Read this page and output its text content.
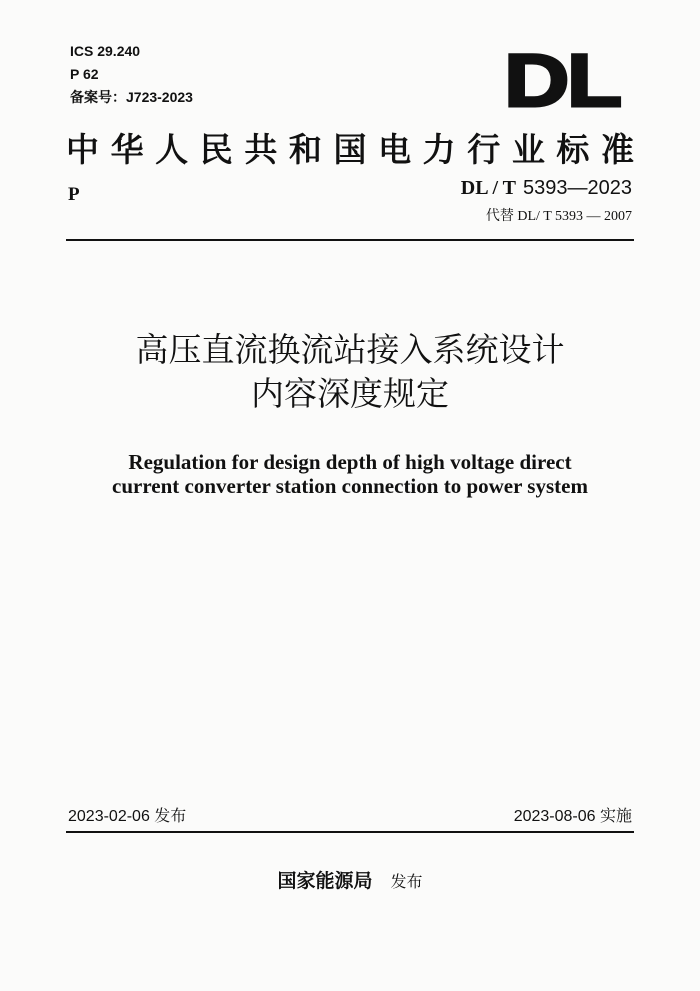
ICS 29.240
P 62
备案号：J723-2023	DL
中华人民共和国电力行业标准
P	DL / T 5393—2023
代替 DL/ T 5393 — 2007
高压直流换流站接入系统设计
内容深度规定
Regulation for design depth of high voltage direct
current converter station connection to power system
2023-02-06 发布	2023-08-06 实施
国家能源局 发布
